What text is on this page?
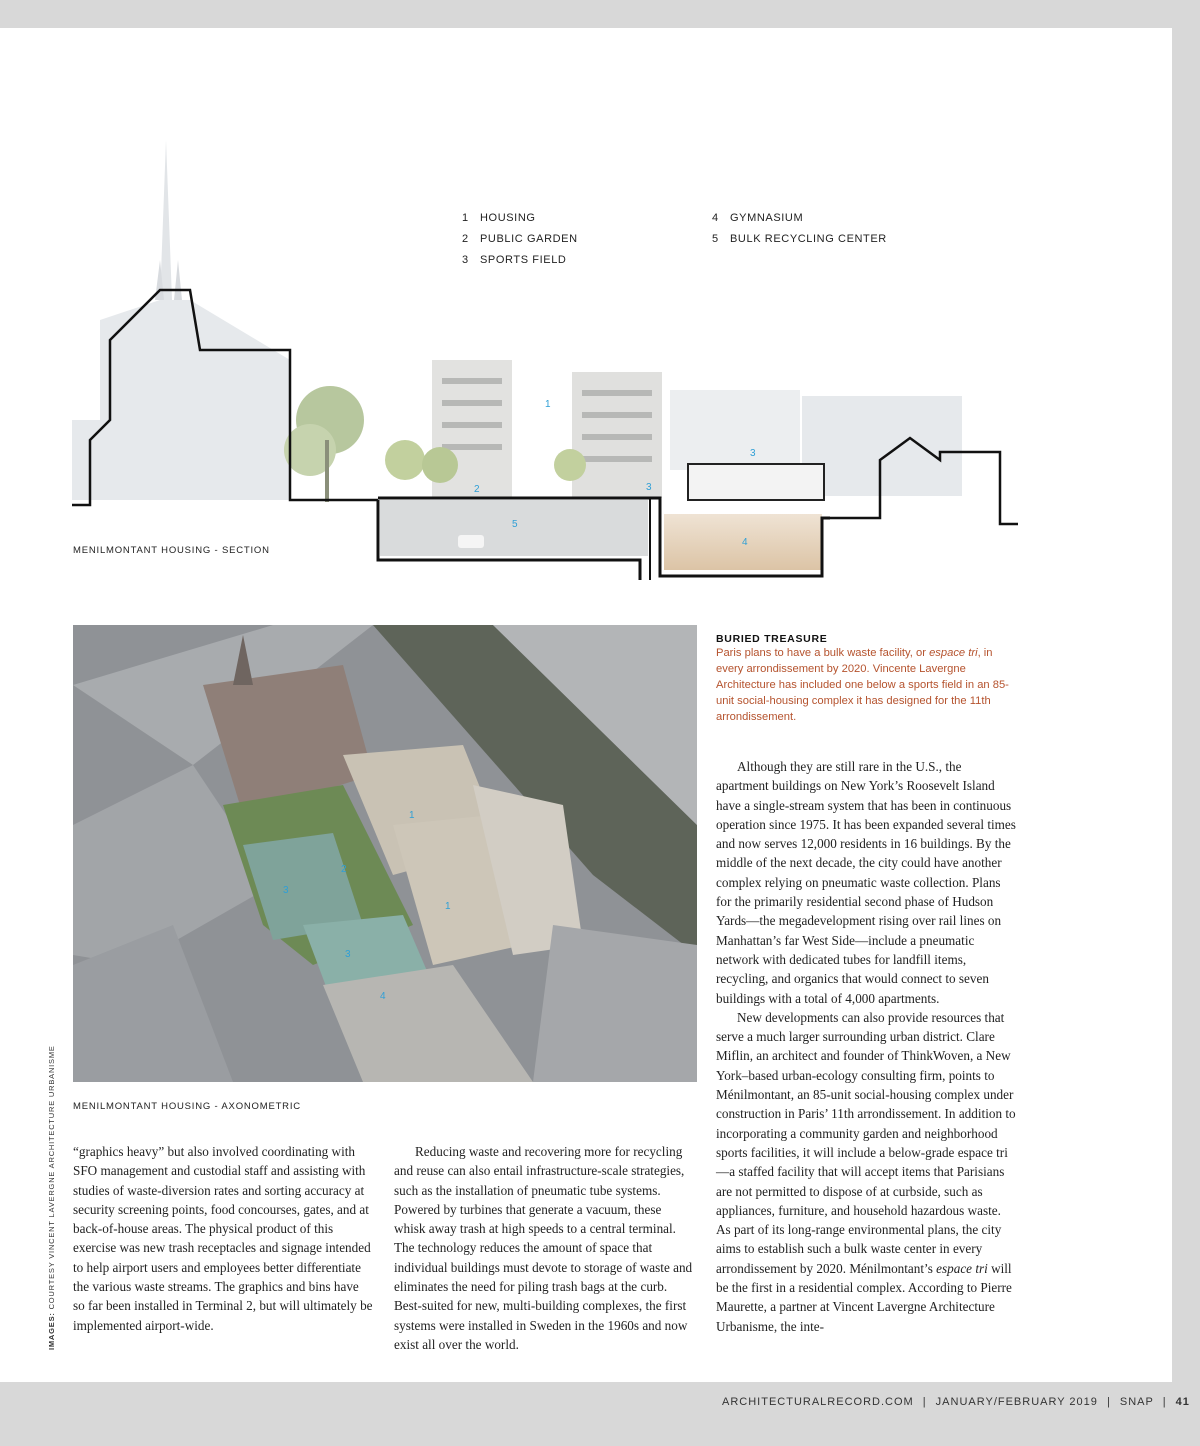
1 HOUSING
2 PUBLIC GARDEN
3 SPORTS FIELD
4 GYMNASIUM
5 BULK RECYCLING CENTER
1
2	3
3
4
5
MENILMONTANT HOUSING - SECTION
1
1
2
3
3
4
MENILMONTANT HOUSING - AXONOMETRIC
BURIED TREASURE
Paris plans to have a bulk waste facility, or espace tri, in every arrondissement by 2020. Vincente Lavergne Architecture has included one below a sports field in an 85-unit social-housing complex it has designed for the 11th arrondissement.

“graphics heavy” but also involved coordinating with SFO management and custodial staff and assisting with studies of waste-diversion rates and sorting accuracy at security screening points, food concourses, gates, and at back-of-house areas. The physical product of this exercise was new trash receptacles and signage intended to help airport users and employees better differentiate the various waste streams. The graphics and bins have so far been installed in Terminal 2, but will ultimately be implemented airport-wide.

Reducing waste and recovering more for recycling and reuse can also entail infrastructure-scale strategies, such as the installation of pneumatic tube systems. Powered by turbines that generate a vacuum, these whisk away trash at high speeds to a central terminal. The technology reduces the amount of space that individual buildings must devote to storage of waste and eliminates the need for piling trash bags at the curb. Best-suited for new, multi-building complexes, the first systems were installed in Sweden in the 1960s and now exist all over the world.

Although they are still rare in the U.S., the apartment buildings on New York’s Roosevelt Island have a single-stream system that has been in continuous operation since 1975. It has been expanded several times and now serves 12,000 residents in 16 buildings. By the middle of the next decade, the city could have another complex relying on pneumatic waste collection. Plans for the primarily residential second phase of Hudson Yards—the megadevelopment rising over rail lines on Manhattan’s far West Side—include a pneumatic network with dedicated tubes for landfill items, recycling, and organics that would connect to seven buildings with a total of 4,000 apartments.

New developments can also provide resources that serve a much larger surrounding urban district. Clare Miflin, an architect and founder of ThinkWoven, a New York–based urban-ecology consulting firm, points to Ménilmontant, an 85-unit social-housing complex under construction in Paris’ 11th arrondissement. In addition to incorporating a community garden and neighborhood sports facilities, it will include a below-grade espace tri—a staffed facility that will accept items that Parisians are not permitted to dispose of at curbside, such as appliances, furniture, and household hazardous waste. As part of its long-range environmental plans, the city aims to establish such a bulk waste center in every arrondissement by 2020. Ménilmontant’s espace tri will be the first in a residential complex. According to Pierre Maurette, a partner at Vincent Lavergne Architecture Urbanisme, the inte-

IMAGES: COURTESY VINCENT LAVERGNE ARCHITECTURE URBANISME
ARCHITECTURALRECORD.COM | JANUARY/FEBRUARY 2019 | SNAP | 41
